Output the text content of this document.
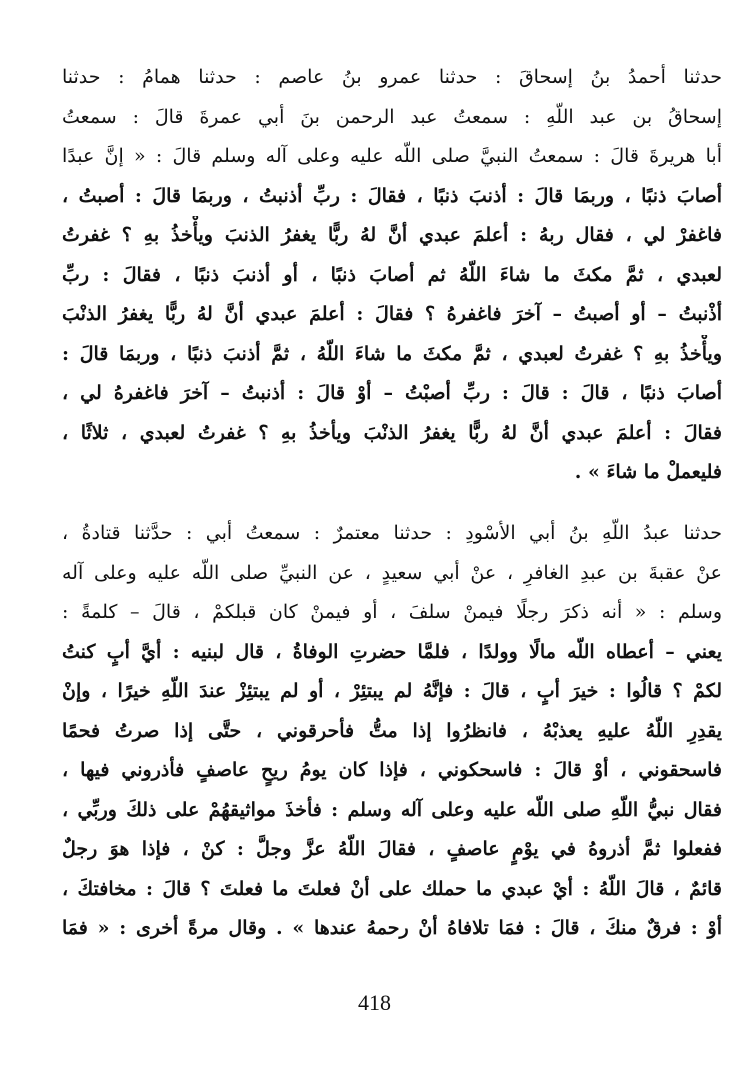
حدثنا أحمدُ بنُ إسحاقَ : حدثنا عمرو بنُ عاصم : حدثنا همامُ : حدثنا
إسحاقُ بن عبد اللّهِ : سمعتُ عبد الرحمن بنَ أبي عمرةَ قالَ : سمعتُ
أبا هريرةَ قالَ : سمعتُ النبيَّ صلى اللّه عليه وعلى آله وسلم قالَ : « إنَّ عبدًا
أصابَ ذنبًا ، وربمَا قالَ : أذنبَ ذنبًا ، فقالَ : ربِّ أذنبتُ ، وربمَا قالَ : أصبتُ ،
فاغفرْ لي ، فقال ربهُ : أعلمَ عبدي أنَّ لهُ ربًّا يغفرُ الذنبَ ويأْخذُ بهِ ؟ غفرتُ
لعبدي ، ثمَّ مكثَ ما شاءَ اللّهُ ثم أصابَ ذنبًا ، أو أذنبَ ذنبًا ، فقالَ : ربِّ
أذْنبتُ – أو أصبتُ – آخرَ فاغفرهُ ؟ فقالَ : أعلمَ عبدي أنَّ لهُ ربًّا يغفرُ الذنْبَ
ويأْخذُ بهِ ؟ غفرتُ لعبدي ، ثمَّ مكثَ ما شاءَ اللّهُ ، ثمَّ أذنبَ ذنبًا ، وربمَا قالَ :
أصابَ ذنبًا ، قالَ : قالَ : ربِّ أصبْتُ – أوْ قالَ : أذنبتُ – آخرَ فاغفرهُ لي ،
فقالَ : أعلمَ عبدي أنَّ لهُ ربًّا يغفرُ الذنْبَ ويأخذُ بهِ ؟ غفرتُ لعبدي ، ثلاثًا ،
فليعملْ ما شاءَ » .
حدثنا عبدُ اللّهِ بنُ أبي الأسْودِ : حدثنا معتمرٌ : سمعتُ أبي : حدَّثنا قتادةُ ،
عنْ عقبةَ بن عبدِ الغافرِ ، عنْ أبي سعيدٍ ، عن النبيِّ صلى اللّه عليه وعلى آله
وسلم : « أنه ذكرَ رجلًا فيمنْ سلفَ ، أو فيمنْ كان قبلكمْ ، قالَ – كلمةً :
يعني – أعطاه اللّه مالًا وولدًا ، فلمَّا حضرتِ الوفاةُ ، قال لبنيه : أيَّ أبٍ كنتُ
لكمْ ؟ قالُوا : خيرَ أبٍ ، قالَ : فإنَّهُ لم يبتئِرْ ، أو لم يبتئِزْ عندَ اللّهِ خيرًا ، وإنْ
يقدِرِ اللّهُ عليهِ يعذبْهُ ، فانظرُوا إذا متُّ فأحرقوني ، حتَّى إذا صرتُ فحمًا
فاسحقوني ، أوْ قالَ : فاسحكوني ، فإذا كان يومُ ريحٍ عاصفٍ فأذروني فيها ،
فقال نبيُّ اللّهِ صلى اللّه عليه وعلى آله وسلم : فأخذَ مواثيقهُمْ على ذلكَ وربِّي ،
ففعلوا ثمَّ أذروهُ في يوْمٍ عاصفٍ ، فقالَ اللّهُ عزَّ وجلَّ : كنْ ، فإذا هوَ رجلٌ
قائمٌ ، قالَ اللّهُ : أيْ عبدي ما حملك على أنْ فعلتَ ما فعلتَ ؟ قالَ : مخافتكَ ،
أوْ : فرقٌ منكَ ، قالَ : فمَا تلافاهُ أنْ رحمهُ عندها » . وقال مرةً أخرى : « فمَا
418
